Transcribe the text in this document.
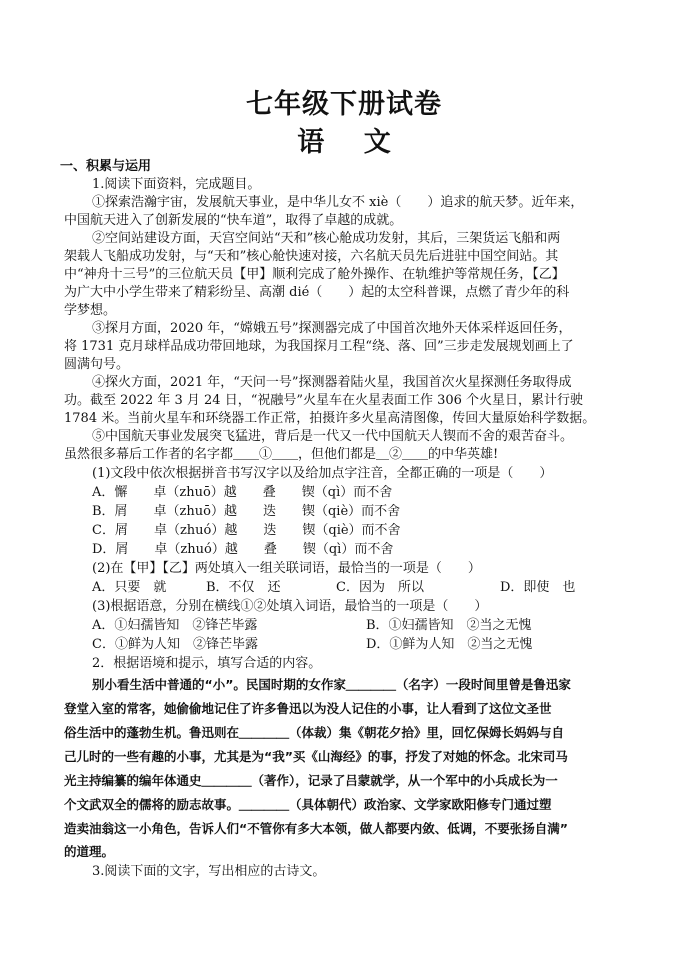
七年级下册试卷
语 文
一、积累与运用
1.阅读下面资料，完成题目。
①探索浩瀚宇宙，发展航天事业，是中华儿女不 xiè（　　）追求的航天梦。近年来，
中国航天进入了创新发展的“快车道”，取得了卓越的成就。
②空间站建设方面，天宫空间站“天和”核心舱成功发射，其后，三架货运飞船和两
架载人飞船成功发射，与“天和”核心舱快速对接，六名航天员先后进驻中国空间站。其
中“神舟十三号”的三位航天员【甲】顺利完成了舱外操作、在轨维护等常规任务，【乙】
为广大中小学生带来了精彩纷呈、高潮 dié（　　）起的太空科普课，点燃了青少年的科
学梦想。
③探月方面，2020 年，“嫦娥五号”探测器完成了中国首次地外天体采样返回任务，
将 1731 克月球样品成功带回地球，为我国探月工程“绕、落、回”三步走发展规划画上了
圆满句号。
④探火方面，2021 年，“天问一号”探测器着陆火星，我国首次火星探测任务取得成
功。截至 2022 年 3 月 24 日，“祝融号”火星车在火星表面工作 306 个火星日，累计行驶
1784 米。当前火星车和环绕器工作正常，拍摄许多火星高清图像，传回大量原始科学数据。
⑤中国航天事业发展突飞猛进，背后是一代又一代中国航天人锲而不舍的艰苦奋斗。
虽然很多幕后工作者的名字都＿＿①＿＿，但他们都是＿②＿＿的中华英雄!
(1)文段中依次根据拼音书写汉字以及给加点字注音，全都正确的一项是（　　）
A．懈　　卓（zhuō）越　　叠　　锲（qì）而不舍
B．屑　　卓（zhuō）越　　迭　　锲（qiè）而不舍
C．屑　　卓（zhuó）越　　迭　　锲（qiè）而不舍
D．屑　　卓（zhuó）越　　叠　　锲（qì）而不舍
(2)在【甲】【乙】两处填入一组关联词语，最恰当的一项是（　　）
A．只要　就	B．不仅　还	C．因为　所以	D．即使　也
(3)根据语意，分别在横线①②处填入词语，最恰当的一项是（　　）
A．①妇孺皆知　②锋芒毕露	B．①妇孺皆知　②当之无愧
C．①鲜为人知　②锋芒毕露	D．①鲜为人知　②当之无愧
2．根据语境和提示，填写合适的内容。
别小看生活中普通的“小”。民国时期的女作家＿＿＿＿（名字）一段时间里曾是鲁迅家
登堂入室的常客，她偷偷地记住了许多鲁迅以为没人记住的小事，让人看到了这位文圣世
俗生活中的蓬勃生机。鲁迅则在＿＿＿＿（体裁）集《朝花夕拾》里，回忆保姆长妈妈与自
己儿时的一些有趣的小事，尤其是为“我”买《山海经》的事，抒发了对她的怀念。北宋司马
光主持编纂的编年体通史＿＿＿＿（著作），记录了吕蒙就学，从一个军中的小兵成长为一
个文武双全的儒将的励志故事。＿＿＿＿（具体朝代）政治家、文学家欧阳修专门通过塑
造卖油翁这一小角色，告诉人们“不管你有多大本领，做人都要内敛、低调，不要张扬自满”
的道理。
3.阅读下面的文字，写出相应的古诗文。
